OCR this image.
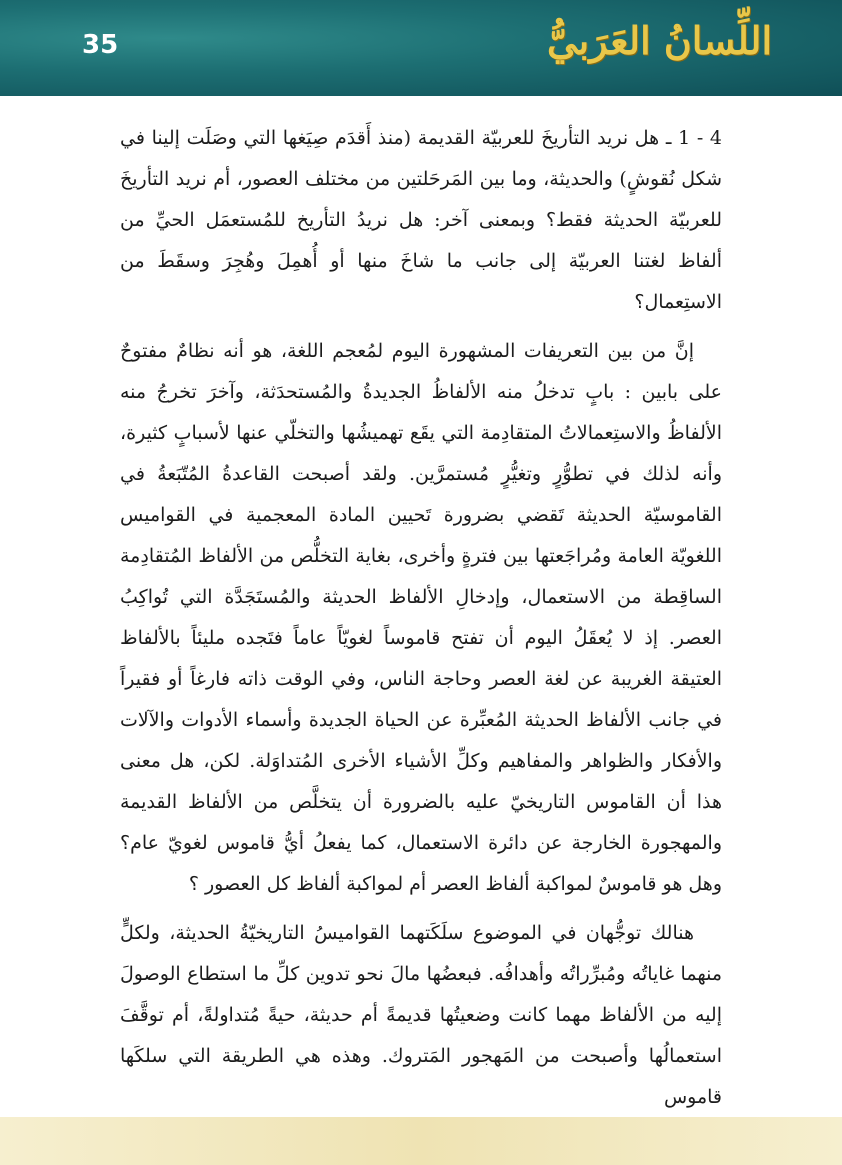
35	اللِّسانُ العَرَبيُّ

4 - 1 ـ هل نريد التأريخَ للعربيّة القديمة (منذ أَقدَم صِيَغها التي وصَلَت إلينا في شكل نُقوشٍ) والحديثة، وما بين المَرحَلتين من مختلف العصور، أم نريد التأريخَ للعربيّة الحديثة فقط؟ وبمعنى آخر: هل نريدُ التأريخ للمُستعمَل الحيِّ من ألفاظ لغتنا العربيّة إلى جانب ما شاخَ منها أو أُهمِلَ وهُجِرَ وسقَطَ من الاستِعمال؟

إنَّ من بين التعريفات المشهورة اليوم لمُعجم اللغة، هو أنه نظامٌ مفتوحٌ على بابين : بابٍ تدخلُ منه الألفاظُ الجديدةُ والمُستحدَثة، وآخرَ تخرجُ منه الألفاظُ والاستِعمالاتُ المتقادِمة التي يقَع تهميشُها والتخلّي عنها لأسبابٍ كثيرة، وأنه لذلك في تطوُّرٍ وتغيُّرٍ مُستمرَّين. ولقد أصبحت القاعدةُ المُتّبَعةُ في القاموسيّة الحديثة تَقضي بضرورة تَحيين المادة المعجمية في القواميس اللغويّة العامة ومُراجَعتها بين فترةٍ وأخرى، بغاية التخلُّص من الألفاظ المُتقادِمة الساقِطة من الاستعمال، وإدخالِ الألفاظ الحديثة والمُستَجَدَّة التي تُواكِبُ العصر. إذ لا يُعقَلُ اليوم أن تفتح قاموساً لغويّاً عاماً فتَجده مليئاً بالألفاظ العتيقة الغريبة عن لغة العصر وحاجة الناس، وفي الوقت ذاته فارغاً أو فقيراً في جانب الألفاظ الحديثة المُعبِّرة عن الحياة الجديدة وأسماء الأدوات والآلات والأفكار والظواهر والمفاهيم وكلِّ الأشياء الأخرى المُتداوَلة. لكن، هل معنى هذا أن القاموس التاريخيّ عليه بالضرورة أن يتخلَّص من الألفاظ القديمة والمهجورة الخارجة عن دائرة الاستعمال، كما يفعلُ أيُّ قاموس لغويّ عام؟ وهل هو قاموسٌ لمواكبة ألفاظ العصر أم لمواكبة ألفاظ كل العصور ؟

هنالك توجُّهان في الموضوع سلَكَتهما القواميسُ التاريخيّةُ الحديثة، ولكلٍّ منهما غاياتُه ومُبرِّراتُه وأهدافُه. فبعضُها مالَ نحو تدوين كلِّ ما استطاع الوصولَ إليه من الألفاظ مهما كانت وضعيتُها قديمةً أم حديثة، حيةً مُتداولةً، أم توقَّفَ استعمالُها وأصبحت من المَهجور المَتروك. وهذه هي الطريقة التي سلكَها قاموس
